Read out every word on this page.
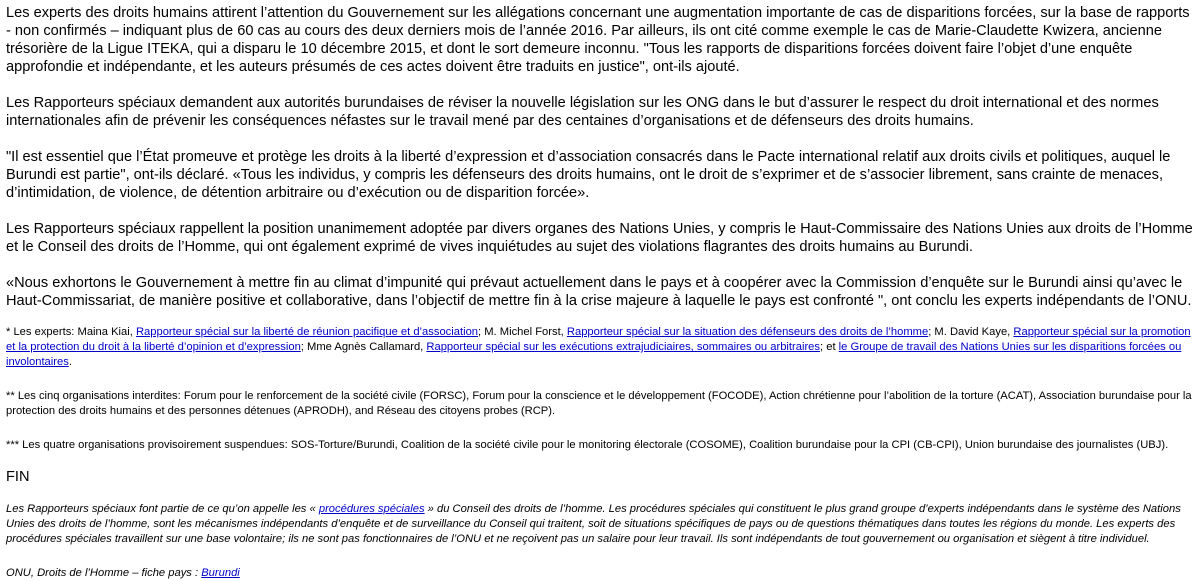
Les experts des droits humains attirent l’attention du Gouvernement sur les allégations concernant une augmentation importante de cas de disparitions forcées, sur la base de rapports - non confirmés – indiquant plus de 60 cas au cours des deux derniers mois de l’année 2016. Par ailleurs, ils ont cité comme exemple le cas de Marie-Claudette Kwizera, ancienne trésorière de la Ligue ITEKA, qui a disparu le 10 décembre 2015, et dont le sort demeure inconnu. "Tous les rapports de disparitions forcées doivent faire l’objet d’une enquête approfondie et indépendante, et les auteurs présumés de ces actes doivent être traduits en justice", ont-ils ajouté.

Les Rapporteurs spéciaux demandent aux autorités burundaises de réviser la nouvelle législation sur les ONG dans le but d’assurer le respect du droit international et des normes internationales afin de prévenir les conséquences néfastes sur le travail mené par des centaines d’organisations et de défenseurs des droits humains.

"Il est essentiel que l’État promeuve et protège les droits à la liberté d’expression et d’association consacrés dans le Pacte international relatif aux droits civils et politiques, auquel le Burundi est partie", ont-ils déclaré. «Tous les individus, y compris les défenseurs des droits humains, ont le droit de s’exprimer et de s’associer librement, sans crainte de menaces, d’intimidation, de violence, de détention arbitraire ou d’exécution ou de disparition forcée».

Les Rapporteurs spéciaux rappellent la position unanimement adoptée par divers organes des Nations Unies, y compris le Haut-Commissaire des Nations Unies aux droits de l’Homme et le Conseil des droits de l’Homme, qui ont également exprimé de vives inquiétudes au sujet des violations flagrantes des droits humains au Burundi.

«Nous exhortons le Gouvernement à mettre fin au climat d’impunité qui prévaut actuellement dans le pays et à coopérer avec la Commission d’enquête sur le Burundi ainsi qu’avec le Haut-Commissariat, de manière positive et collaborative, dans l’objectif de mettre fin à la crise majeure à laquelle le pays est confronté ", ont conclu les experts indépendants de l’ONU.

* Les experts: Maina Kiai, Rapporteur spécial sur la liberté de réunion pacifique et d’association; M. Michel Forst, Rapporteur spécial sur la situation des défenseurs des droits de l’homme; M. David Kaye, Rapporteur spécial sur la promotion et la protection du droit à la liberté d’opinion et d’expression; Mme Agnès Callamard, Rapporteur spécial sur les exécutions extrajudiciaires, sommaires ou arbitraires; et le Groupe de travail des Nations Unies sur les disparitions forcées ou involontaires.

** Les cinq organisations interdites: Forum pour le renforcement de la société civile (FORSC), Forum pour la conscience et le développement (FOCODE), Action chrétienne pour l’abolition de la torture (ACAT), Association burundaise pour la protection des droits humains et des personnes détenues (APRODH), and Réseau des citoyens probes (RCP).

*** Les quatre organisations provisoirement suspendues: SOS-Torture/Burundi, Coalition de la société civile pour le monitoring électorale (COSOME), Coalition burundaise pour la CPI (CB-CPI), Union burundaise des journalistes (UBJ).

FIN

Les Rapporteurs spéciaux font partie de ce qu’on appelle les « procédures spéciales » du Conseil des droits de l’homme. Les procédures spéciales qui constituent le plus grand groupe d’experts indépendants dans le système des Nations Unies des droits de l’homme, sont les mécanismes indépendants d’enquête et de surveillance du Conseil qui traitent, soit de situations spécifiques de pays ou de questions thématiques dans toutes les régions du monde. Les experts des procédures spéciales travaillent sur une base volontaire; ils ne sont pas fonctionnaires de l’ONU et ne reçoivent pas un salaire pour leur travail. Ils sont indépendants de tout gouvernement ou organisation et siègent à titre individuel.

ONU, Droits de l’Homme – fiche pays : Burundi
